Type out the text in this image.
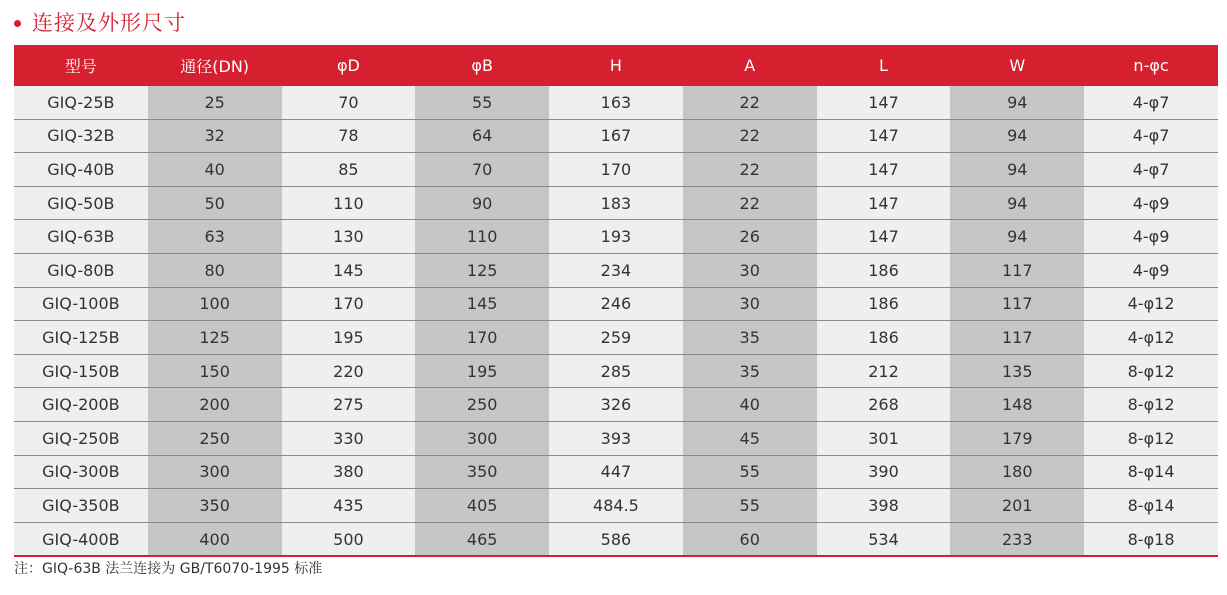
连接及外形尺寸
型号	通径(DN)	φD	φB	H	A	L	W	n-φc
GIQ-25B	25	70	55	163	22	147	94	4-φ7
GIQ-32B	32	78	64	167	22	147	94	4-φ7
GIQ-40B	40	85	70	170	22	147	94	4-φ7
GIQ-50B	50	110	90	183	22	147	94	4-φ9
GIQ-63B	63	130	110	193	26	147	94	4-φ9
GIQ-80B	80	145	125	234	30	186	117	4-φ9
GIQ-100B	100	170	145	246	30	186	117	4-φ12
GIQ-125B	125	195	170	259	35	186	117	4-φ12
GIQ-150B	150	220	195	285	35	212	135	8-φ12
GIQ-200B	200	275	250	326	40	268	148	8-φ12
GIQ-250B	250	330	300	393	45	301	179	8-φ12
GIQ-300B	300	380	350	447	55	390	180	8-φ14
GIQ-350B	350	435	405	484.5	55	398	201	8-φ14
GIQ-400B	400	500	465	586	60	534	233	8-φ18
注：GIQ-63B 法兰连接为 GB/T6070-1995 标准
